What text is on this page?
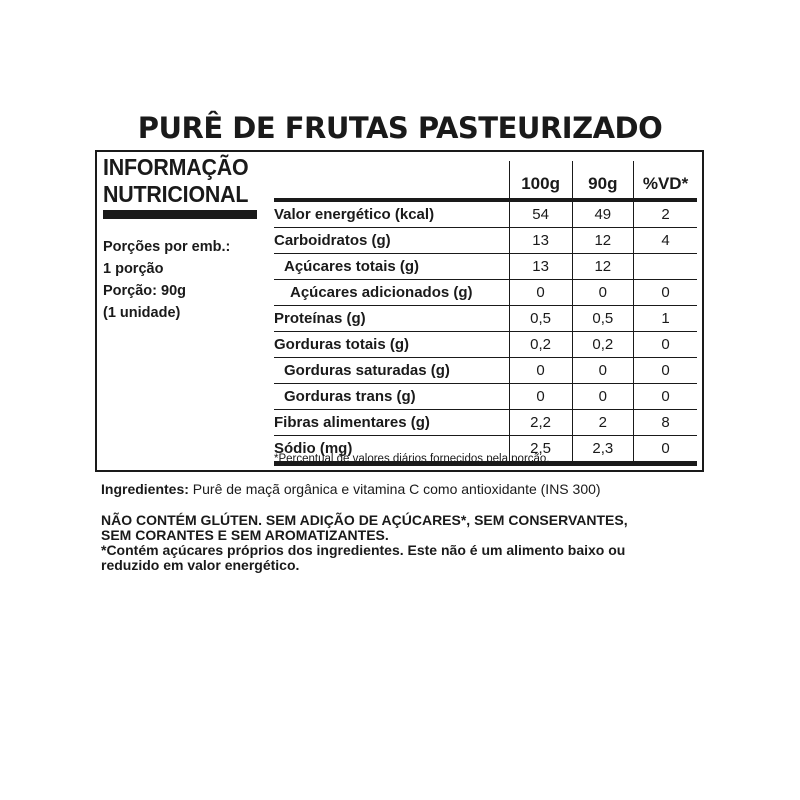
PURÊ DE FRUTAS PASTEURIZADO
INFORMAÇÃO
NUTRICIONAL
Porções por emb.:
1 porção
Porção: 90g
(1 unidade)
	100g	90g	%VD*
Valor energético (kcal)	54	49	2
Carboidratos (g)	13	12	4
Açúcares totais (g)	13	12	
Açúcares adicionados (g)	0	0	0
Proteínas (g)	0,5	0,5	1
Gorduras totais (g)	0,2	0,2	0
Gorduras saturadas (g)	0	0	0
Gorduras trans (g)	0	0	0
Fibras alimentares (g)	2,2	2	8
Sódio (mg)	2,5	2,3	0
*Percentual de valores diários fornecidos pela porção.
Ingredientes: Purê de maçã orgânica e vitamina C como antioxidante (INS 300)
NÃO CONTÉM GLÚTEN. SEM ADIÇÃO DE AÇÚCARES*, SEM CONSERVANTES,
SEM CORANTES E SEM AROMATIZANTES.
*Contém açúcares próprios dos ingredientes. Este não é um alimento baixo ou
reduzido em valor energético.
